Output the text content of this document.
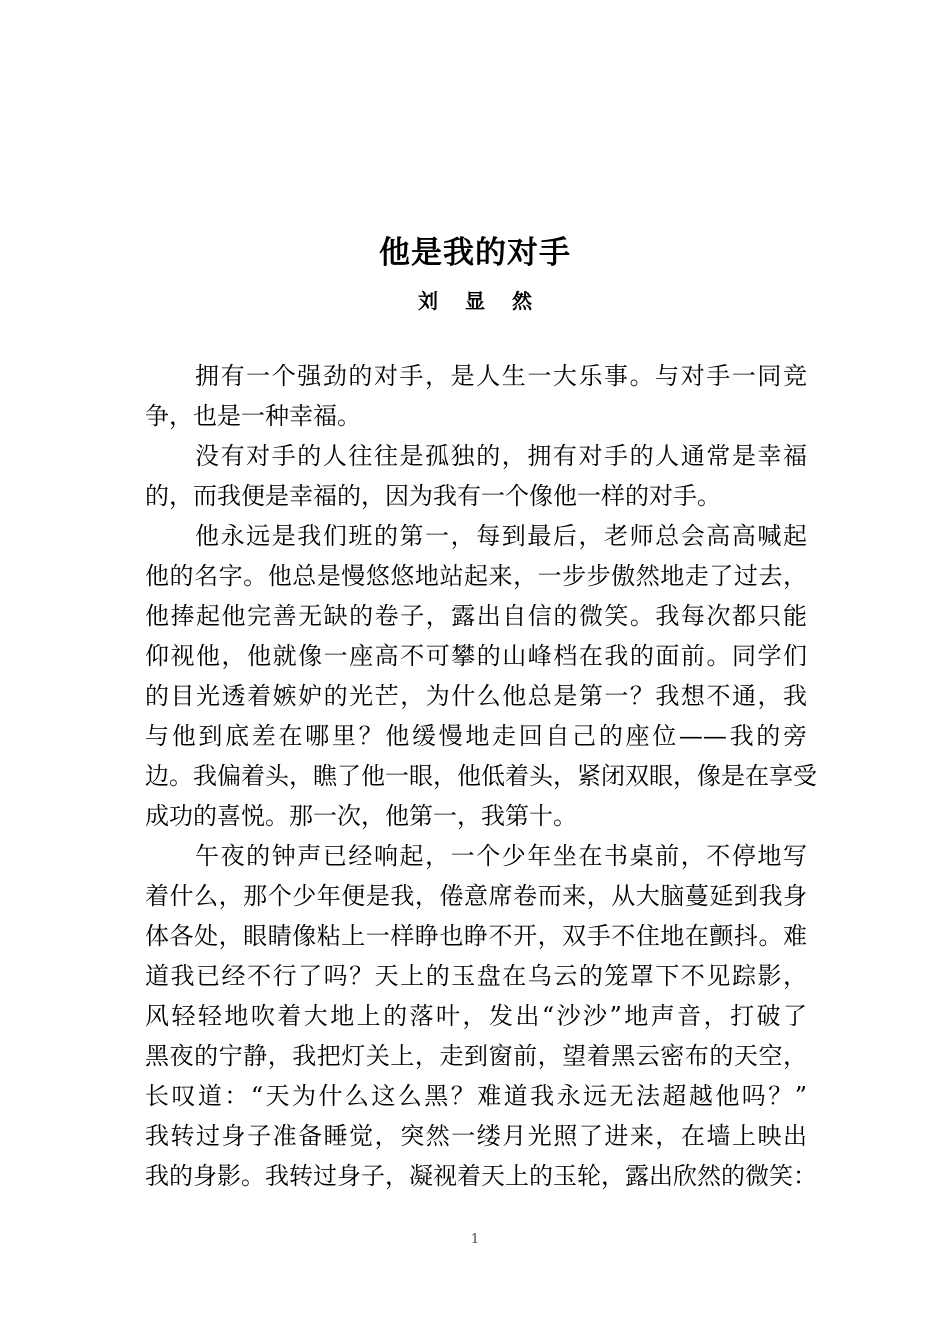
他是我的对手
刘 显 然
拥有一个强劲的对手，是人生一大乐事。与对手一同竞
争，也是一种幸福。
没有对手的人往往是孤独的，拥有对手的人通常是幸福
的，而我便是幸福的，因为我有一个像他一样的对手。
他永远是我们班的第一，每到最后，老师总会高高喊起
他的名字。他总是慢悠悠地站起来，一步步傲然地走了过去，
他捧起他完善无缺的卷子，露出自信的微笑。我每次都只能
仰视他，他就像一座高不可攀的山峰档在我的面前。同学们
的目光透着嫉妒的光芒，为什么他总是第一？我想不通，我
与他到底差在哪里？他缓慢地走回自己的座位——我的旁
边。我偏着头，瞧了他一眼，他低着头，紧闭双眼，像是在享受
成功的喜悦。那一次，他第一，我第十。
午夜的钟声已经响起，一个少年坐在书桌前，不停地写
着什么，那个少年便是我，倦意席卷而来，从大脑蔓延到我身
体各处，眼睛像粘上一样睁也睁不开，双手不住地在颤抖。难
道我已经不行了吗？天上的玉盘在乌云的笼罩下不见踪影，
风轻轻地吹着大地上的落叶，发出“沙沙”地声音，打破了
黑夜的宁静，我把灯关上，走到窗前，望着黑云密布的天空，
长叹道：“天为什么这么黑？难道我永远无法超越他吗？”
我转过身子准备睡觉，突然一缕月光照了进来，在墙上映出
我的身影。我转过身子，凝视着天上的玉轮，露出欣然的微笑：
1
